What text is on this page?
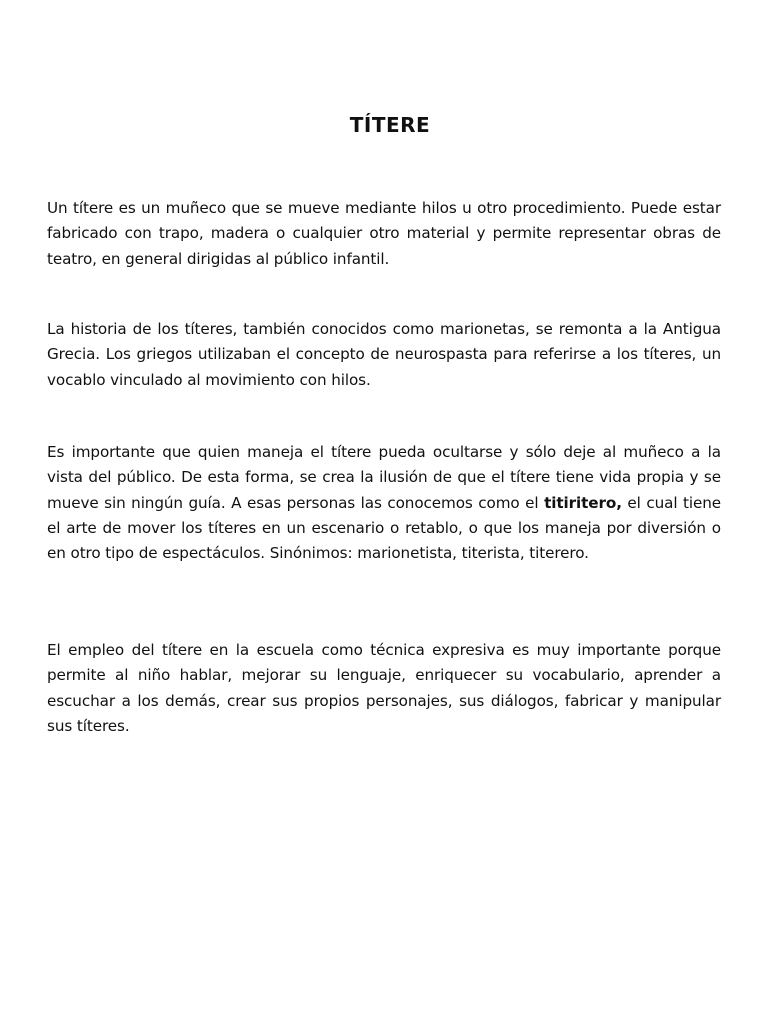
TÍTERE

Un títere es un muñeco que se mueve mediante hilos u otro procedimiento. Puede estar fabricado con trapo, madera o cualquier otro material y permite representar obras de teatro, en general dirigidas al público infantil.

La historia de los títeres, también conocidos como marionetas, se remonta a la Antigua Grecia. Los griegos utilizaban el concepto de neurospasta para referirse a los títeres, un vocablo vinculado al movimiento con hilos.

Es importante que quien maneja el títere pueda ocultarse y sólo deje al muñeco a la vista del público. De esta forma, se crea la ilusión de que el títere tiene vida propia y se mueve sin ningún guía. A esas personas las conocemos como el titiritero, el cual tiene el arte de mover los títeres en un escenario o retablo, o que los maneja por diversión o en otro tipo de espectáculos. Sinónimos: marionetista, titerista, titerero.

El empleo del títere en la escuela como técnica expresiva es muy importante porque permite al niño hablar, mejorar su lenguaje, enriquecer su vocabulario, aprender a escuchar a los demás, crear sus propios personajes, sus diálogos, fabricar y manipular sus títeres.
